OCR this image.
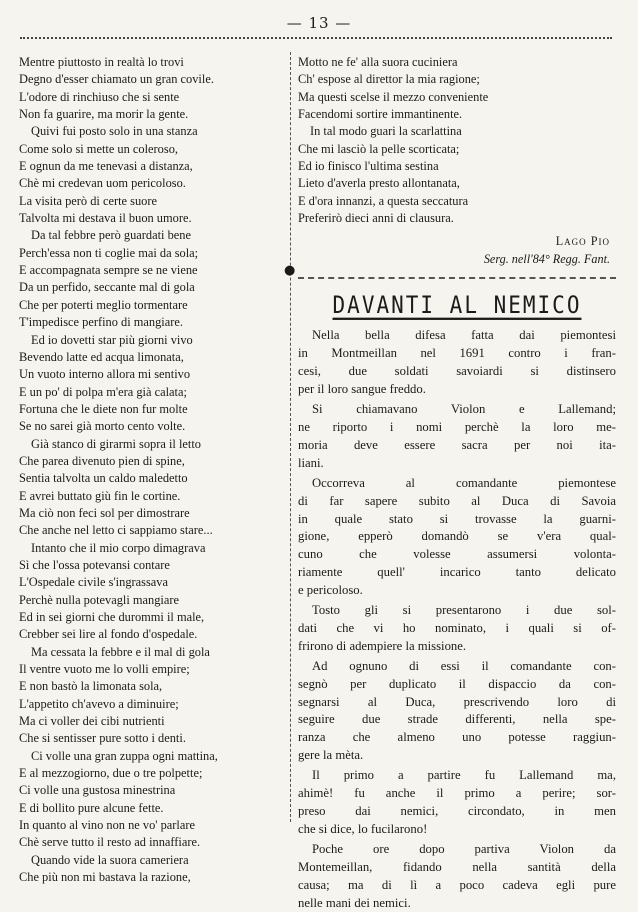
— 13 —
●
Mentre piuttosto in realtà lo trovi
Degno d'esser chiamato un gran covile.
L'odore di rinchiuso che si sente
Non fa guarire, ma morir la gente.
Quivi fui posto solo in una stanza
Come solo si mette un coleroso,
E ognun da me tenevasi a distanza,
Chè mi credevan uom pericoloso.
La visita però di certe suore
Talvolta mi destava il buon umore.
Da tal febbre però guardati bene
Perch'essa non ti coglie mai da sola;
E accompagnata sempre se ne viene
Da un perfido, seccante mal di gola
Che per poterti meglio tormentare
T'impedisce perfino di mangiare.
Ed io dovetti star più giorni vivo
Bevendo latte ed acqua limonata,
Un vuoto interno allora mi sentivo
E un po' di polpa m'era già calata;
Fortuna che le diete non fur molte
Se no sarei già morto cento volte.
Già stanco di girarmi sopra il letto
Che parea divenuto pien di spine,
Sentia talvolta un caldo maledetto
E avrei buttato giù fin le cortine.
Ma ciò non feci sol per dimostrare
Che anche nel letto ci sappiamo stare...
Intanto che il mio corpo dimagrava
Sì che l'ossa potevansi contare
L'Ospedale civile s'ingrassava
Perchè nulla potevagli mangiare
Ed in sei giorni che durommi il male,
Crebber sei lire al fondo d'ospedale.
Ma cessata la febbre e il mal di gola
Il ventre vuoto me lo volli empire;
E non bastò la limonata sola,
L'appetito ch'avevo a diminuire;
Ma ci voller dei cibi nutrienti
Che si sentisser pure sotto i denti.
Ci volle una gran zuppa ogni mattina,
E al mezzogiorno, due o tre polpette;
Ci volle una gustosa minestrina
E di bollito pure alcune fette.
In quanto al vino non ne vo' parlare
Chè serve tutto il resto ad innaffiare.
Quando vide la suora cameriera
Che più non mi bastava la razione,
Motto ne fe' alla suora cuciniera
Ch' espose al direttor la mia ragione;
Ma questi scelse il mezzo conveniente
Facendomi sortire immantinente.
In tal modo guari la scarlattina
Che mi lasciò la pelle scorticata;
Ed io finisco l'ultima sestina
Lieto d'averla presto allontanata,
E d'ora innanzi, a questa seccatura
Preferirò dieci anni di clausura.
Lago Pio
Serg. nell'84° Regg. Fant.
DAVANTI AL NEMICO

Nella bella difesa fatta dai piemontesi
in Montmeillan nel 1691 contro i fran-
cesi, due soldati savoiardi si distinsero
per il loro sangue freddo.

Si chiamavano Violon e Lallemand;
ne riporto i nomi perchè la loro me-
moria deve essere sacra per noi ita-
liani.

Occorreva al comandante piemontese
di far sapere subito al Duca di Savoia
in quale stato si trovasse la guarni-
gione, epperò domandò se v'era qual-
cuno che volesse assumersi volonta-
riamente quell' incarico tanto delicato
e pericoloso.

Tosto gli si presentarono i due sol-
dati che vi ho nominato, i quali si of-
frirono di adempiere la missione.

Ad ognuno di essi il comandante con-
segnò per duplicato il dispaccio da con-
segnarsi al Duca, prescrivendo loro di
seguire due strade differenti, nella spe-
ranza che almeno uno potesse raggiun-
gere la mèta.

Il primo a partire fu Lallemand ma,
ahimè! fu anche il primo a perire; sor-
preso dai nemici, circondato, in men
che si dice, lo fucilarono!

Poche ore dopo partiva Violon da
Montemeillan, fidando nella santità della
causa; ma di lì a poco cadeva egli pure
nelle mani dei nemici.
